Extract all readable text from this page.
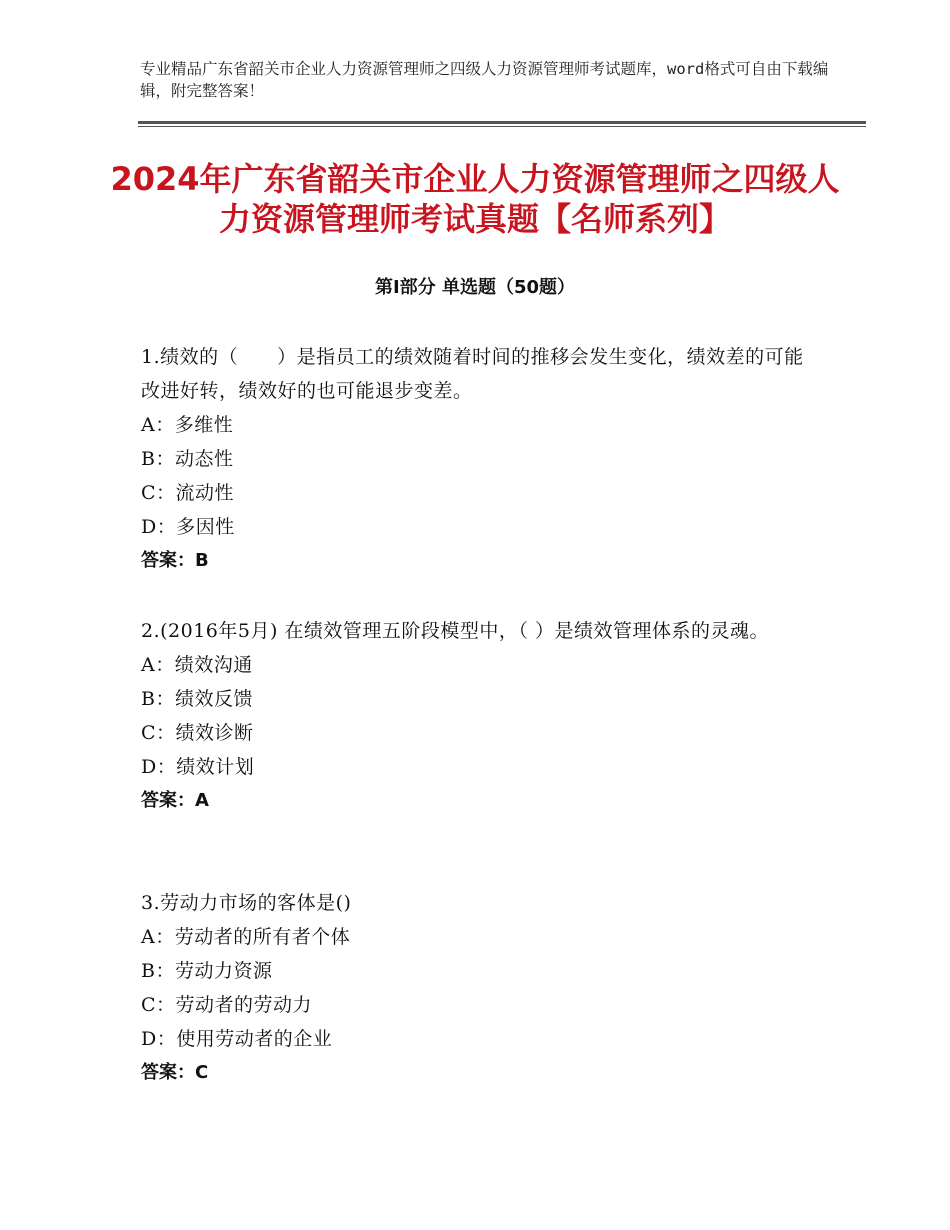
专业精品广东省韶关市企业人力资源管理师之四级人力资源管理师考试题库，word格式可自由下载编辑，附完整答案！
2024年广东省韶关市企业人力资源管理师之四级人力资源管理师考试真题【名师系列】
第Ⅰ部分 单选题（50题）

1.绩效的（　　）是指员工的绩效随着时间的推移会发生变化，绩效差的可能改进好转，绩效好的也可能退步变差。

A：多维性

B：动态性

C：流动性

D：多因性

答案：B

2.(2016年5月) 在绩效管理五阶段模型中，（ ）是绩效管理体系的灵魂。

A：绩效沟通

B：绩效反馈

C：绩效诊断

D：绩效计划

答案：A

3.劳动力市场的客体是()

A：劳动者的所有者个体

B：劳动力资源

C：劳动者的劳动力

D：使用劳动者的企业

答案：C
